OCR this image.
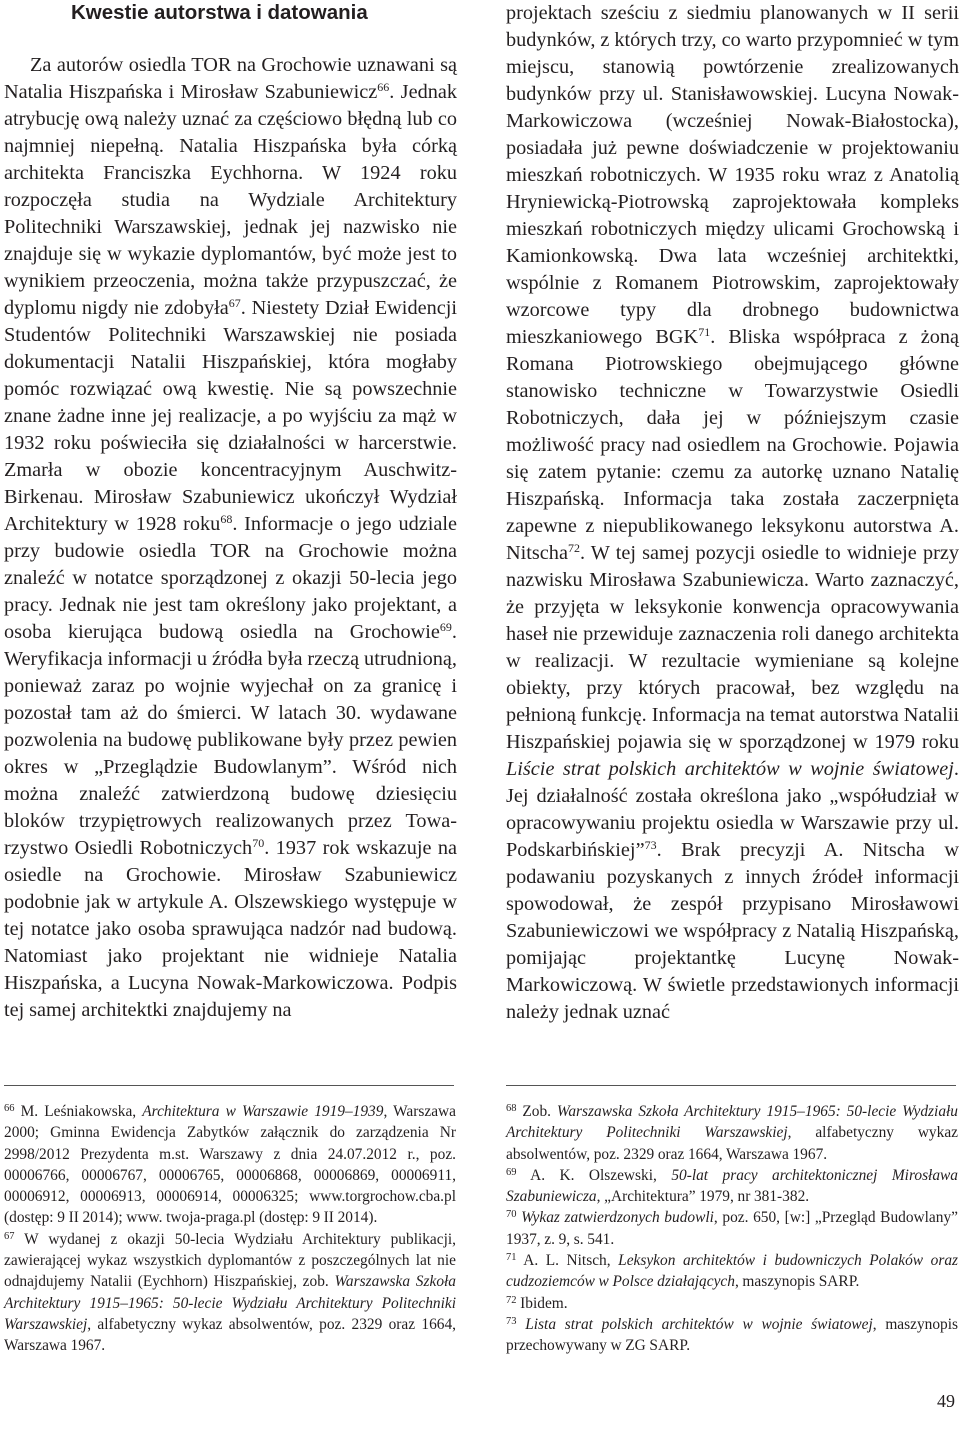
Kwestie autorstwa i datowania

Za autorów osiedla TOR na Grochowie uznawani są Natalia Hiszpańska i Mirosław Szabuniewicz$^{66}$. Jednak atrybucję ową należy uznać za częściowo błędną lub co najmniej niepełną. Natalia Hiszpańska była córką architekta Franciszka Eychhorna. W 1924 roku rozpoczęła studia na Wydziale Architektury Politechniki Warszawskiej, jednak jej nazwisko nie znajduje się w wykazie dyplomantów, być może jest to wynikiem przeoczenia, można także przypuszczać, że dyplomu nigdy nie zdobyła$^{67}$. Niestety Dział Ewidencji Studentów Politechniki Warszawskiej nie posiada dokumentacji Natalii Hiszpańskiej, która mogłaby pomóc rozwiązać ową kwestię. Nie są powszechnie znane żadne inne jej realizacje, a po wyjściu za mąż w 1932 roku poświeciła się działalności w harcerstwie. Zmarła w obozie koncentracyjnym Auschwitz-Birkenau. Mirosław Szabuniewicz ukończył Wydział Architektury w 1928 roku$^{68}$. Informacje o jego udziale przy budowie osiedla TOR na Grochowie można znaleźć w notatce sporządzonej z okazji 50-lecia jego pracy. Jednak nie jest tam określony jako projektant, a osoba kierująca budową osiedla na Grochowie$^{69}$. Weryfikacja informacji u źródła była rzeczą utrudnioną, ponieważ zaraz po wojnie wyjechał on za granicę i pozostał tam aż do śmierci. W latach 30. wydawane pozwolenia na budowę publikowane były przez pewien okres w „Przeglądzie Budowlanym”. Wśród nich można znaleźć zatwierdzoną budowę dziesięciu bloków trzypiętrowych realizowanych przez Towarzystwo Osiedli Robotniczych$^{70}$. 1937 rok wskazuje na osiedle na Grochowie. Mirosław Szabuniewicz podobnie jak w artykule A. Olszewskiego występuje w tej notatce jako osoba sprawująca nadzór nad budową. Natomiast jako projektant nie widnieje Natalia Hiszpańska, a Lucyna Nowak-Markowiczowa. Podpis tej samej architektki znajdujemy na

projektach sześciu z siedmiu planowanych w II serii budynków, z których trzy, co warto przypomnieć w tym miejscu, stanowią powtórzenie zrealizowanych budynków przy ul. Stanisławowskiej. Lucyna Nowak-Markowiczowa (wcześniej Nowak-Białostocka), posiadała już pewne doświadczenie w projektowaniu mieszkań robotniczych. W 1935 roku wraz z Anatolią Hryniewicką-Piotrowską zaprojektowała kompleks mieszkań robotniczych między ulicami Grochowską i Kamionkowską. Dwa lata wcześniej architektki, wspólnie z Romanem Piotrowskim, zaprojektowały wzorcowe typy dla drobnego budownictwa mieszkaniowego BGK$^{71}$. Bliska współpraca z żoną Romana Piotrowskiego obejmującego główne stanowisko techniczne w Towarzystwie Osiedli Robotniczych, dała jej w późniejszym czasie możliwość pracy nad osiedlem na Grochowie. Pojawia się zatem pytanie: czemu za autorkę uznano Natalię Hiszpańską. Informacja taka została zaczerpnięta zapewne z niepublikowanego leksykonu autorstwa A. Nitscha$^{72}$. W tej samej pozycji osiedle to widnieje przy nazwisku Mirosława Szabuniewicza. Warto zaznaczyć, że przyjęta w leksykonie konwencja opracowywania haseł nie przewiduje zaznaczenia roli danego architekta w realizacji. W rezultacie wymieniane są kolejne obiekty, przy których pracował, bez względu na pełnioną funkcję. Informacja na temat autorstwa Natalii Hiszpańskiej pojawia się w sporządzonej w 1979 roku Liście strat polskich architektów w wojnie światowej. Jej działalność została określona jako „współudział w opracowywaniu projektu osiedla w Warszawie przy ul. Podskarbińskiej”$^{73}$. Brak precyzji A. Nitscha w podawaniu pozyskanych z innych źródeł informacji spowodował, że zespół przypisano Mirosławowi Szabuniewiczowi we współpracy z Natalią Hiszpańską, pomijając projektantkę Lucynę Nowak-Markowiczową. W świetle przedstawionych informacji należy jednak uznać

$^{66}$ M. Leśniakowska, Architektura w Warszawie 1919–1939, Warszawa 2000; Gminna Ewidencja Zabytków załącznik do zarządzenia Nr 2998/2012 Prezydenta m.st. Warszawy z dnia 24.07.2012 r., poz. 00006766, 00006767, 00006765, 00006868, 00006869, 00006911, 00006912, 00006913, 00006914, 00006325; www.torgrochow.cba.pl (dostęp: 9 II 2014); www. twoja-praga.pl (dostęp: 9 II 2014).

$^{67}$ W wydanej z okazji 50-lecia Wydziału Architektury publikacji, zawierającej wykaz wszystkich dyplomantów z poszczególnych lat nie odnajdujemy Natalii (Eychhorn) Hiszpańskiej, zob. Warszawska Szkoła Architektury 1915–1965: 50-lecie Wydziału Architektury Politechniki Warszawskiej, alfabetyczny wykaz absolwentów, poz. 2329 oraz 1664, Warszawa 1967.

$^{68}$ Zob. Warszawska Szkoła Architektury 1915–1965: 50-lecie Wydziału Architektury Politechniki Warszawskiej, alfabetyczny wykaz absolwentów, poz. 2329 oraz 1664, Warszawa 1967.

$^{69}$ A. K. Olszewski, 50-lat pracy architektonicznej Mirosława Szabuniewicza, „Architektura” 1979, nr 381-382.

$^{70}$ Wykaz zatwierdzonych budowli, poz. 650, [w:] „Przegląd Budowlany” 1937, z. 9, s. 541.

$^{71}$ A. L. Nitsch, Leksykon architektów i budowniczych Polaków oraz cudzoziemców w Polsce działających, maszynopis SARP.

$^{72}$ Ibidem.

$^{73}$ Lista strat polskich architektów w wojnie światowej, maszynopis przechowywany w ZG SARP.

49
